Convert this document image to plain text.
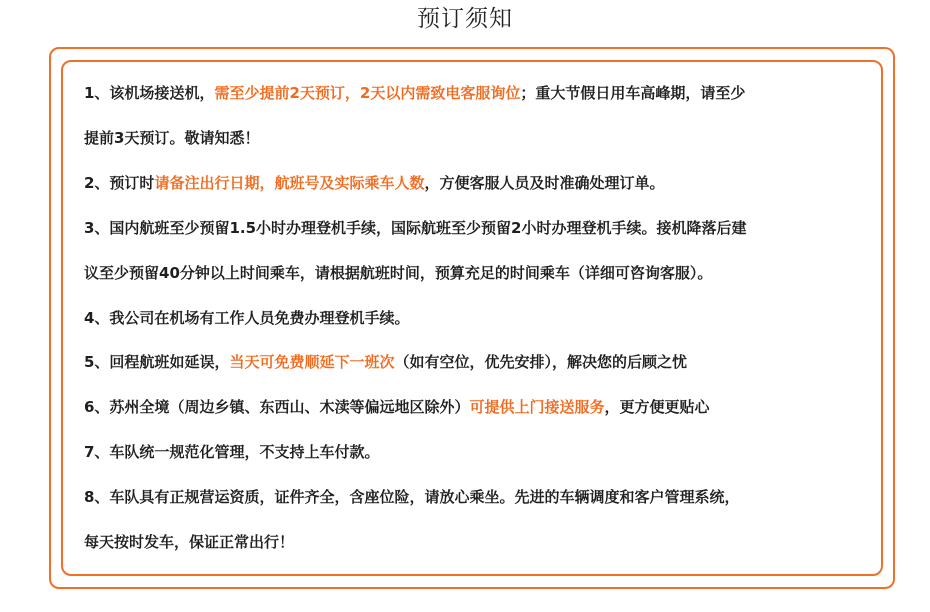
预订须知
1、该机场接送机，需至少提前2天预订，2天以内需致电客服询位；重大节假日用车高峰期，请至少
提前3天预订。敬请知悉！
2、预订时请备注出行日期，航班号及实际乘车人数，方便客服人员及时准确处理订单。
3、国内航班至少预留1.5小时办理登机手续，国际航班至少预留2小时办理登机手续。接机降落后建
议至少预留40分钟以上时间乘车，请根据航班时间，预算充足的时间乘车（详细可咨询客服）。
4、我公司在机场有工作人员免费办理登机手续。
5、回程航班如延误，当天可免费顺延下一班次（如有空位，优先安排），解决您的后顾之忧
6、苏州全境（周边乡镇、东西山、木渎等偏远地区除外）可提供上门接送服务，更方便更贴心
7、车队统一规范化管理，不支持上车付款。
8、车队具有正规营运资质，证件齐全，含座位险，请放心乘坐。先进的车辆调度和客户管理系统，
每天按时发车，保证正常出行！
